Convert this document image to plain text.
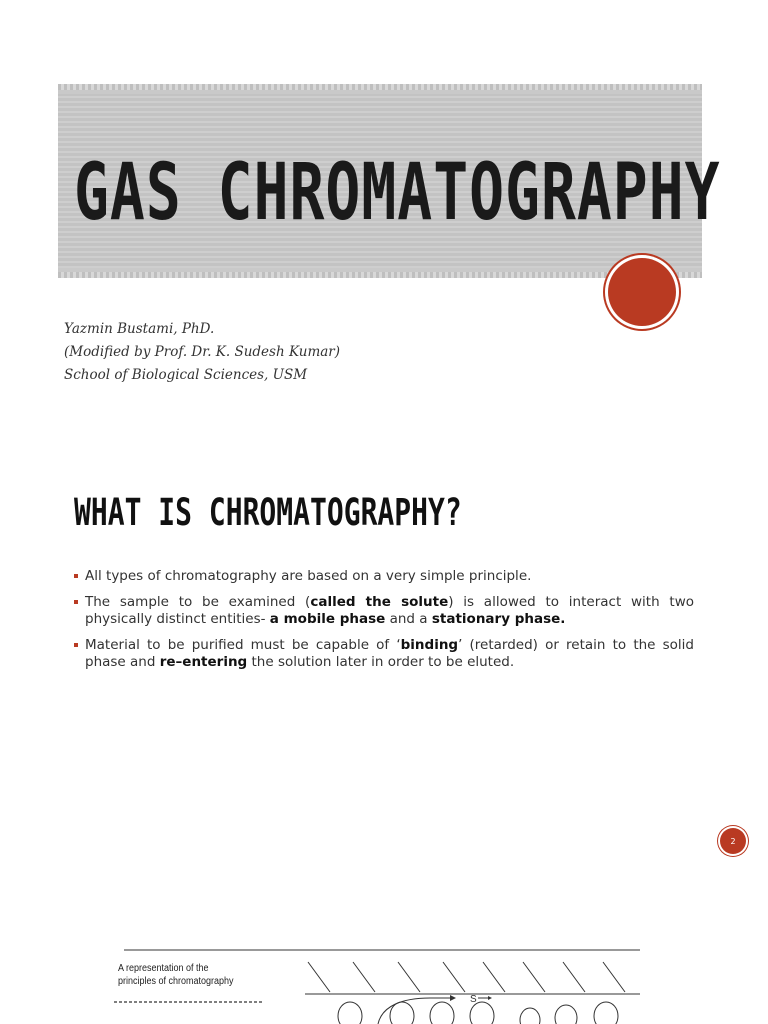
GAS CHROMATOGRAPHY
Yazmin Bustami, PhD.
(Modified by Prof. Dr. K. Sudesh Kumar)
School of Biological Sciences, USM
WHAT IS CHROMATOGRAPHY?
All types of chromatography are based on a very simple principle.
The sample to be examined (called the solute) is allowed to interact with two physically distinct entities- a mobile phase and a stationary phase.
Material to be purified must be capable of ‘binding’ (retarded) or retain to the solid phase and re–entering the solution later in order to be eluted.
2
A representation of the
principles of chromatography
S
